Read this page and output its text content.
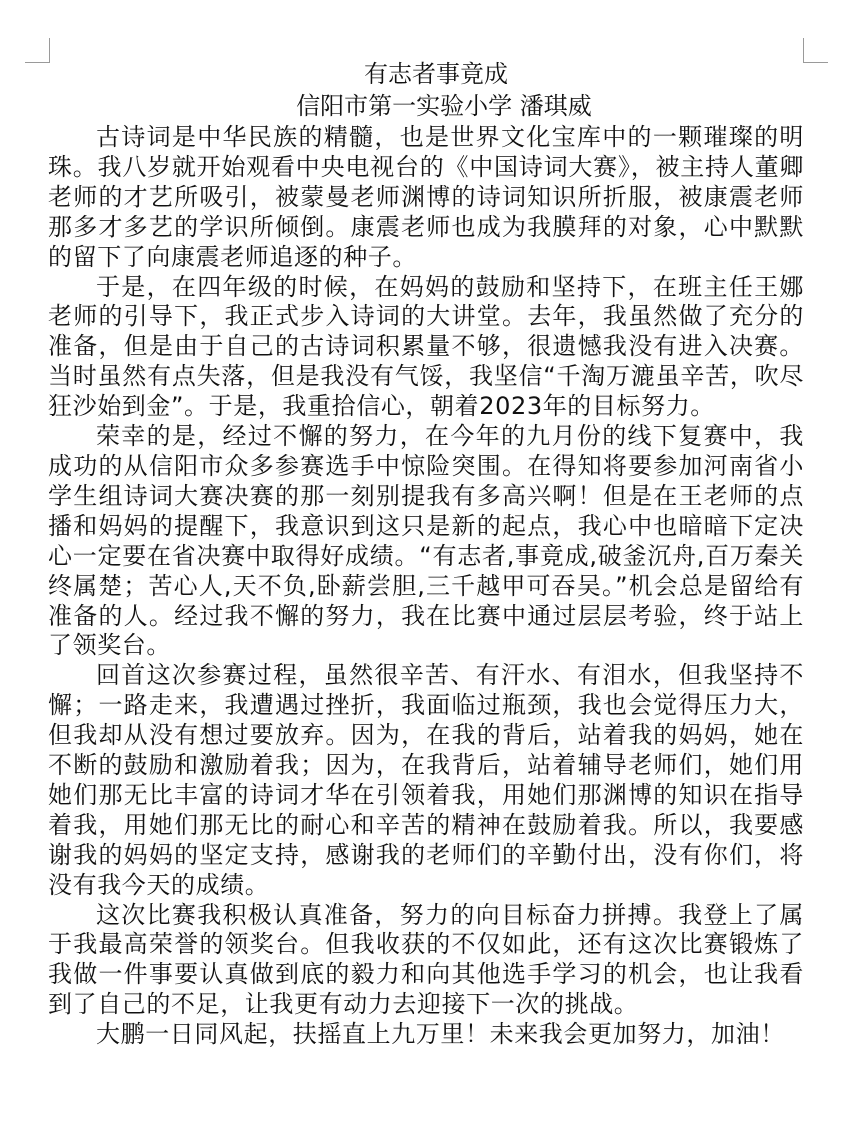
有志者事竟成
信阳市第一实验小学 潘琪威

古诗词是中华民族的精髓，也是世界文化宝库中的一颗璀璨的明珠。我八岁就开始观看中央电视台的《中国诗词大赛》，被主持人董卿老师的才艺所吸引，被蒙曼老师渊博的诗词知识所折服，被康震老师那多才多艺的学识所倾倒。康震老师也成为我膜拜的对象，心中默默的留下了向康震老师追逐的种子。

于是，在四年级的时候，在妈妈的鼓励和坚持下，在班主任王娜老师的引导下，我正式步入诗词的大讲堂。去年，我虽然做了充分的准备，但是由于自己的古诗词积累量不够，很遗憾我没有进入决赛。当时虽然有点失落，但是我没有气馁，我坚信“千淘万漉虽辛苦，吹尽狂沙始到金”。于是，我重拾信心，朝着2023年的目标努力。

荣幸的是，经过不懈的努力，在今年的九月份的线下复赛中，我成功的从信阳市众多参赛选手中惊险突围。在得知将要参加河南省小学生组诗词大赛决赛的那一刻别提我有多高兴啊！但是在王老师的点播和妈妈的提醒下，我意识到这只是新的起点，我心中也暗暗下定决心一定要在省决赛中取得好成绩。“有志者,事竟成,破釜沉舟,百万秦关终属楚；苦心人,天不负,卧薪尝胆,三千越甲可吞吴。”机会总是留给有准备的人。经过我不懈的努力，我在比赛中通过层层考验，终于站上了领奖台。

回首这次参赛过程，虽然很辛苦、有汗水、有泪水，但我坚持不懈；一路走来，我遭遇过挫折，我面临过瓶颈，我也会觉得压力大，但我却从没有想过要放弃。因为，在我的背后，站着我的妈妈，她在不断的鼓励和激励着我；因为，在我背后，站着辅导老师们，她们用她们那无比丰富的诗词才华在引领着我，用她们那渊博的知识在指导着我，用她们那无比的耐心和辛苦的精神在鼓励着我。所以，我要感谢我的妈妈的坚定支持，感谢我的老师们的辛勤付出，没有你们，将没有我今天的成绩。

这次比赛我积极认真准备，努力的向目标奋力拼搏。我登上了属于我最高荣誉的领奖台。但我收获的不仅如此，还有这次比赛锻炼了我做一件事要认真做到底的毅力和向其他选手学习的机会，也让我看到了自己的不足，让我更有动力去迎接下一次的挑战。

大鹏一日同风起，扶摇直上九万里！未来我会更加努力，加油！
